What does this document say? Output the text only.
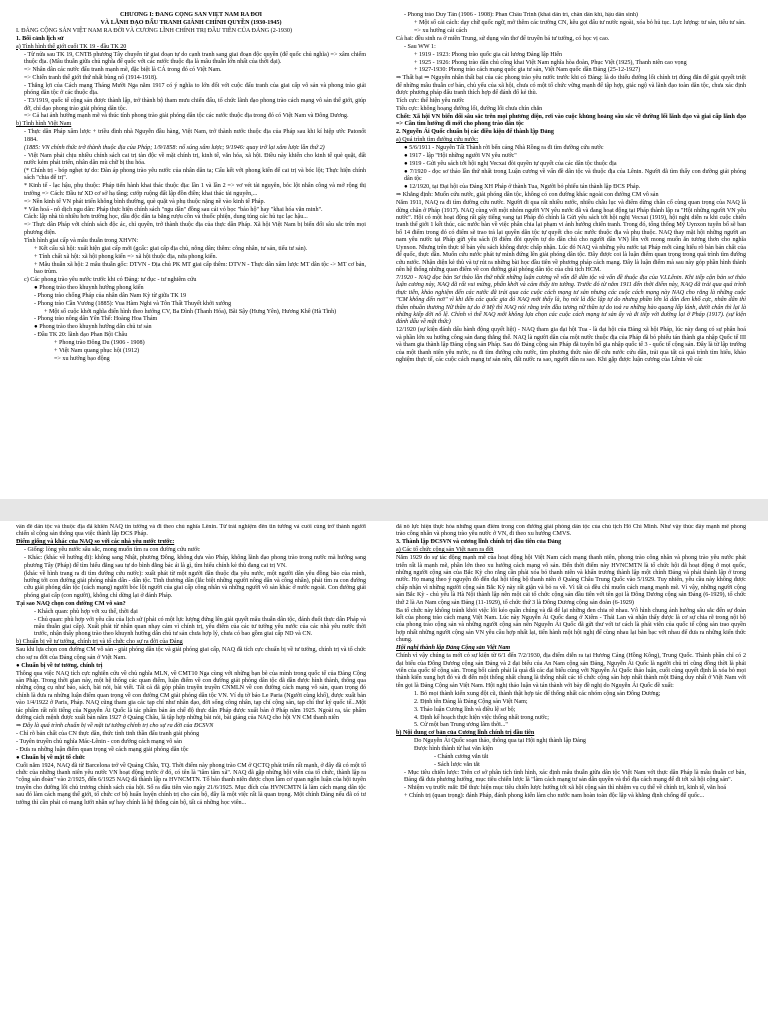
CHƯƠNG I: ĐẢNG CỘNG SẢN VIỆT NAM RA ĐỜI

VÀ LÃNH ĐẠO ĐẤU TRANH GIÀNH CHÍNH QUYỀN (1930-1945)

I. ĐẢNG CỘNG SẢN VIỆT NAM RA ĐỜI VÀ CƯƠNG LĨNH CHÍNH TRỊ ĐẦU TIÊN CỦA ĐẢNG (2-1930)

1. Bối cảnh lịch sử

a) Tình hình thế giới cuối TK 19 - đầu TK 20

- Từ nửa sau TK 19, CNTB phương Tây chuyển từ giai đoạn tự do cạnh tranh sang giai đoạn độc quyền (để quốc chủ nghĩa) => xâm chiếm thuộc địa. (Mâu thuẫn giữa chủ nghĩa đế quốc với các nước thuộc địa là mâu thuẫn lớn nhất của thời đại).

=> Nhân dân các nước đấu tranh mạnh mẽ, đặc biệt là CÁ trong đó có Việt Nam.

=> Chiến tranh thế giới thứ nhất bùng nổ (1914-1918).

- Thắng lợi của Cách mạng Tháng Mười Nga năm 1917 có ý nghĩa to lớn đối với cuộc đấu tranh của giai cấp vô sản và phong trào giải phóng dân tộc ở các thuộc địa.

- T3/1919, quốc tế cộng sản được thành lập, trở thành bộ tham mưu chiến đấu, tổ chức lãnh đạo phong trào cách mạng vô sản thế giới, giúp đỡ, chỉ đạo phong trào giải phóng dân tộc.

=> Cả hai ảnh hưởng mạnh mẽ và thúc tính phong trào giải phóng dân tộc các nước thuộc địa trong đó có Việt Nam và Đông Dương.

b) Tình hình Việt Nam

- Thực dân Pháp xâm lược + triều đình nhà Nguyễn đầu hàng, Việt Nam, trở thành nước thuộc địa của Pháp sau khi kí hiệp ước Patonốt 1884.

(1885: VN chính thức trở thành thuộc địa của Pháp; 1/9/1858: nổ súng xâm lược; 9/1946: quay trở lại xâm lược lần thứ 2)

- Việt Nam phải chịu nhiều chính sách cai trị tàn độc về mặt chính trị, kinh tế, văn hóa, xã hội. Điều này khiến cho kinh tế què quặt, đất nước kém phát triển, nhân dân mù chữ bị thu hóa.

(* Chính trị - bóp nghẹt tự do: Đàn áp phong trào yêu nước của nhân dân ta; Cấu kết với phong kiến để cai trị và bóc lột; Thực hiện chính sách "chia để trị".

* Kinh tế - lạc hậu, phụ thuộc: Pháp tiến hành khai thác thuộc địa: lần 1 và lần 2 => vơ vét tài nguyên, bóc lột nhân công và mở rộng thị trường => Cách: Đầu tư XD cơ sở hạ tầng; cướp ruộng đất lập đồn điền; khai thác tài nguyên,...

=> Nền kinh tế VN phát triển không bình thường, què quặt và phụ thuộc nặng nề vào kinh tế Pháp.

* Văn hoá - nô dịch ngu dân: Pháp thực hiện chính sách "ngu dân" đồng sau cái vỏ bọc "bảo hộ" hay "khai hóa văn minh".

Cách: lập nhà tù nhiều hơn trường học, dầu độc dân ta bằng rượu cồn và thuốc phiện, dung túng các hủ tục lạc hậu...

=> Thực dân Pháp với chính sách độc ác, chỉ quyền, trở thành thuộc địa của thực dân Pháp. Xã hội Việt Nam bị biến đổi sâu sắc trên mọi phương diện.

Tình hình giai cấp và mâu thuẫn trong XHVN:

+ Kết cấu xã hội: xuất hiện giai cấp mới (gcấc: giai cấp địa chủ, nông dân; thêm: công nhân, tư sản, tiểu tư sản).

+ Tính chất xã hội: xã hội phong kiến => xã hội thuộc địa, nửa phong kiến.

+ Mâu thuẫn xã hội: 2 mâu thuẫn gốc: DTVN - Địa chủ PK MT giai cấp thêm: DTVN - Thực dân xâm lược MT dân tộc -> MT cơ bản, bao trùm.

c) Các phong trào yêu nước trước khi có Đảng: tư đục - tư nghiêm cứu

● Phong trào theo khuynh hướng phong kiến

- Phong trào chống Pháp của nhân dân Nam Kỳ từ giữa TK 19

- Phong trào Cần Vương (1885): Vua Hàm Nghi và Tôn Thất Thuyết khởi xướng

+ Một số cuộc khởi nghĩa điển hình theo hướng CV, Ba Đình (Thanh Hóa), Bãi Sậy (Hưng Yên), Hương Khê (Hà Tĩnh)

- Phong trào nông dân Yên Thế: Hoàng Hoa Thám

● Phong trào theo khuynh hướng dân chủ tư sản

- Đầu TK 20: lãnh đạo Phan Bội Châu

+ Phong trào Đông Du (1906 - 1908)

+ Việt Nam quang phục hội (1912)

=> xu hướng bạo động

- Phong trào Duy Tân (1906 - 1908): Phan Châu Trinh (khai dân trí, chấn dân khí, hậu dân sinh)

+ Một số cải cách: dạy chữ quốc ngữ, mở thêm các trường CN, kêu gọi đấu tư nước ngoài, xóa bỏ hủ tục. Lực lượng: tư sản, tiểu tư sản.

=> xu hướng cải cách

Cả hai: đều sinh ra ở miền Trung, sử dụng văn thơ để truyền bá tư tưởng, có học vị cao.

- Sau WW 1:

+ 1919 - 1923: Phong trào quốc gia cải lương Đảng lập Hiến

+ 1925 - 1926: Phong trào dân chủ công khai Việt Nam nghĩa hòa đoàn, Phục Việt (1925), Thanh niên cao vọng

+ 1927-1930: Phong trào cách mạng quốc gia tư sản, Việt Nam quốc dân Đảng (25-12-1927)

⇒ Thất bại ⇒ Nguyên nhân thất bại của các phong trào yêu nước trước khi có Đảng: là do thiếu đường lối chính trị đúng đắn để giải quyết triệt để những mâu thuẫn cơ bản, chủ yếu của xã hội, chưa có một tổ chức vững mạnh để tập hợp, giác ngộ và lãnh đạo toàn dân tộc, chưa xác định được phương pháp đấu tranh thích hợp để đánh đổ kẻ thù.

Tích cực: thể hiện yêu nước

Tiêu cực: không hoạng đường lối, đường lối chưa chín chắn

Chốt: Xã hội VN biến đổi sâu sắc trên mọi phương diện, rơi vào cuộc khủng hoảng sâu sắc về đường lối lãnh đạo và giai cấp lãnh đạo => Cần tìm hướng đi mới cho phong trào dân tộc

2. Nguyễn Ái Quốc chuẩn bị các điều kiện để thành lập Đảng

a) Quá trình tìm đường cứu nước:

● 5/6/1911 - Nguyễn Tất Thành rời bến cảng Nhà Rồng ra đi tìm đường cứu nước

● 1917 - lập "Hội những người VN yêu nước"

● 1919 - Gửi yêu sách tới hội nghị Vecxai đòi quyền tự quyết của các dân tộc thuộc địa

● 7/1920 - đọc sơ thảo lần thứ nhất trong Luận cương về vấn đề dân tộc và thuộc địa của Lênin. Người đã tìm thấy con đường giải phóng dân tộc

● 12/1920, tại Đại hội của Đảng XH Pháp ở thành Tua, Người bỏ phiếu tán thành lập ĐCS Pháp.

⇒ Khẳng định: Muốn cứu nước, giải phóng dân tộc, không có con đường khác ngoài con đường CM vô sản

Năm 1911, NAQ ra đi tìm đường cứu nước. Người đi qua rất nhiều nước, nhiều châu lục và điểm dừng chân cố cùng quan trọng của NAQ là dừng chân ở Pháp (1917). NAQ cùng với một nhóm người VN yêu nước đã và đang hoạt động tại Pháp thành lập ra "Hội những người VN yêu nước". Hội có một hoạt động rất gây tiếng vang tại Pháp đó chính là Gửi yêu sách tới hội nghị Vecxai (1919), hội nghị diễn ra khi cuộc chiến tranh thế giới 1 kết thúc, các nước bàn về việc phân chia lại phạm vi ảnh hưởng chiến tranh. Trong đó, tổng thống Mỹ Uynxon tuyên bố sẽ ban bố 14 điểm trong đó có điểm sẽ trao trả lại quyền dân tộc tự quyết cho các nước thuộc địa và phụ thuộc. NAQ thay mặt hội những người an nam yêu nước tại Pháp gửi yêu sách (8 điểm đòi quyền tự do dân chủ cho người dân VN) lên với mong muốn ăn tương thơn cho nghĩa Uynxon. Nhưng trên thực tế bản yêu sách không được chấp nhận. Lúc đó NAQ và những yêu nước tại Pháp mới càng hiểu rõ bản bản chất của đế quốc, thực dân. Muốn cứu nước phát tự mình đứng lên giải phóng dân tộc. Đây được coi là luận điểm quan trọng trong quá trình tìm đường cứu nước. Nhận diện kẻ thù và tự rút ra những bài học đầu tiên về phương pháp cách mạng. Đây là luận điểm mà sau này góp phần hình thành nên hệ thống những quan điểm về con đường giải phóng dân tộc của chủ tịch HCM.

7/1920 - NAQ đọc bản Sơ thảo lần thứ nhất những luận cương về vấn đề dân tộc và vấn đề thuộc địa của V.I.Lênin. Khi tiếp cận bản sơ thảo luận cương này, NAQ đã rất vui mừng, phấn khởi và cảm thấy tin tưởng. Trước đó từ năm 1911 đến thời điểm này, NAQ đã trải qua quá trình thực tiễn, khảo nghiệm đến các nước đã trải qua các cuộc cách mạng tư sản nhưng các cuộc cách mạng này NAQ cho rằng là những cuộc "CM không đến nơi" vì khi đến các quốc gia đó NAQ mới thấy là, họ nói là độc lập tự do nhưng phần lớn là dân đen khổ cực, nhân dân thì thấm nhuần thương Nữ thần tự do ở Mỹ thì NAQ nói rằng trên đầu tương nữ thần tự do toả ra những hào quang lấp lánh, dưới chân thì lại là những kiếp đời nô lệ. Chính vì thế NAQ mới không lựa chọn các cuộc cách mạng tư sản ấy và đi tiếp với đường lại ở Pháp (1917). (sự kiện đánh dấu về mặt thức)

12/1920 (sự kiện đánh dấu hành động quyết liệt) - NAQ tham gia đại hội Tua - là đại hội của Đảng xã hội Pháp, lúc này đang có sự phân hoá và phần lớn xu hướng công sản đang thắng thế. NAQ là người dân của một nước thuộc địa của Pháp đã bỏ phiếu tán thành gia nhập Quốc tế III và tham gia thành lập Đảng cộng sản Pháp. Sau đó Đảng cộng sản Pháp đã tuyên bố gia nhập quốc tế 3 - quốc tế cộng sản. Đây là từ lập trường của một thanh niên yêu nước, ra đi tìm đường cứu nước, tìm phương thức nào để cứu nước cứu dân, trải qua tất cả quá trình tìm hiểu, khảo nghiệm thực tế, các cuộc cách mạng tư sản nên, đất nước ra sao, người dân ra sao. Khi gặp được luận cương của Lênin về các

vấn đề dân tộc và thuộc địa đã khiến NAQ tin tưởng và đi theo chủ nghĩa Lênin. Từ trải nghiệm đến tin tưởng và cuối cùng trở thành người chiến sĩ cộng sản thông qua việc thành lập ĐCS Pháp.

Điểm giống và khác của NAQ so với các nhà yêu nước trước:

- Giống: lòng yêu nước sâu sắc, mong muốn tìm ra con đường cứu nước

- Khác: (khác về hướng đi): không sang Nhật, phương Đông, không dựa vào Pháp, không lãnh đạo phong trào trong nước mà hướng sang phương Tây (Pháp) để tìm hiểu đằng sau tự do bình đẳng bác ái là gì, tìm hiểu chính kẻ thù đang cai trị VN.

(khác về hình trang ra đi tìm đường cứu nước): xuất phát từ một người dân thuộc địa yêu nước, một người dân yêu đồng bào của mình, hướng tới con đường giải phóng nhân dân - dân tộc. Tinh thương dân (lắc biệt những người nông dân và công nhân), phải tìm ra con đường cứu giải phóng dân tộc (cách mạng) người bóc lột người của giai cấp công nhân và những người vô sản khác ở nước ngoài. Con đường giải phóng giai cấp (con người), không chỉ dừng lại ở đánh Pháp.

Tại sao NAQ chọn con đường CM vô sản?

- Khách quan: phù hợp với xu thế, thời đại

- Chủ quan: phù hợp với yêu cầu của lịch sử (phải có một lực lượng đứng lên giải quyết mâu thuẫn dân tộc, đánh đuổi thực dân Pháp và mâu thuẫn giai cấp). Xuất phát từ nhân quan nhạy cảm vì chính trị, yêu điểm của các tư tưởng yêu nước của các nhà yêu nước thời trước, nhận thấy phong trào theo khuynh hướng dân chủ tư sản chưa hợp lý, chưa có bao gồm giai cấp ND và CN.

b) Chuẩn bị về tư tưởng, chính trị và tổ chức cho sự ra đời của Đảng

Sau khi lựa chọn con đường CM vô sản - giải phóng dân tộc và giải phóng giai cấp, NAQ đã tích cực chuẩn bị về tư tưởng, chính trị và tổ chức cho sự ra đời của Đảng cộng sản ở Việt Nam.

● Chuẩn bị về tư tưởng, chính trị

Thông qua việc NAQ tích cực nghiên cứu về chủ nghĩa MLN, về CMT10 Nga cùng với những bạn bè của mình trong quốc tế của Đảng Cộng sản Pháp. Trong thời gian này, một hệ thống các quan điểm, luận điểm về con đường giải phóng dân tộc đã dần được hình thành, thông qua những cộng cụ như báo, sách, bài nói, bài viết. Tất cả đã góp phần truyền truyền CNMLN về con đường cách mạng vô sản, quan trọng đó chính là đưa ra những luận điểm quan trọng về con đường CM giải phóng dân tộc VN. Ví dụ tờ báo Le Paria (Người cùng khổ), được xuất bản vào 1/4/1922 ở Paris, Pháp. NAQ cũng tham gia các tạp chí như nhân đạo, đời sống công nhân, tạp chí cộng sản, tạp chí thư ký quốc tế...Một tác phẩm rất nổi tiếng của Nguyễn Ái Quốc là tác phẩm bản án chế độ thực dân Pháp được xuất bản ở Pháp năm 1925. Ngoài ra, tác phẩm đường cách mệnh được xuất bản năm 1927 ở Quảng Châu, là tập hợp những bài nói, bài giảng của NAQ cho hội VN CM thanh niên

⇒ Đây là quá trình chuẩn bị về mặt tư tưởng chính trị cho sự ra đời của ĐCSVN

- Chỉ rõ bản chất của CN thực dân, thức tỉnh tinh thần đấu tranh giải phóng

- Tuyên truyền chủ nghĩa Mác-Lênin - con đường cách mạng vô sản

- Đưa ra những luận điểm quan trọng về cách mạng giải phóng dân tộc

● Chuẩn bị về mặt tổ chức

Cuối năm 1924, NAQ đã từ Barcelona trở về Quảng Châu, TQ. Thời điểm này phong trào CM ở QCTQ phát triển rất mạnh, ở đây đã có một tổ chức của những thanh niên yêu nước VN hoạt động trước ở đó, có tên là "tâm tâm xã". NAQ đã gặp những hội viên của tổ chức, thành lập ra "cộng sản đoàn" vào 2/1925, đến 6/1925 NAQ đã thành lập ra HVNCMTN. Tổ bảo thanh niên được chọn làm cơ quan ngôn luận của hội tuyên truyền cho đường lối chủ trương chính sách của hội. Số ra đầu tiên vào ngày 21/6/1925. Mục đích của HVNCMTN là làm cách mạng dân tộc sau đó làm cách mạng thế giới, tổ chức cơ bộ huấn luyện chính trị cho cán bộ, đây là một việc rất là quan trọng. Một chính Đảng nếu đã có tư tưởng thì cần phải có mạng lưới nhân sự hay chính là hệ thống cán bộ, tất cả những học viên...

đã nổ lực hiện thực hóa những quan điểm trong con đường giải phóng dân tộc của chủ tịch Hồ Chí Minh. Như vậy thúc đẩy mạnh mẽ phong trào công nhân và phong trào yêu nước ở VN, đi theo xu hướng CMVS.

3. Thành lập ĐCSVN và cương lĩnh chính trị đầu tiên của Đảng

a) Các tổ chức cộng sản Việt nam ra đời

Năm 1929 do sự tác động mạnh mẽ của hoạt động hội Việt Nam cách mạng thanh niên, phong trào công nhân và phong trào yêu nước phát triển rất là mạnh mẽ, phần lớn theo xu hướng cách mạng vô sản. Đến thời điểm này HVNCMTN là tổ chức hội đã hoạt động ở mọi quốc, những người cộng sản của Bắc Kỳ cho rằng cần phải xóa bỏ thanh niên và khẩn trương thành lập một chính Đảng và phải thành lập ở trong nước. Họ mang theo ý nguyện đó đến đại hội tổng bộ thanh niên ở Quảng Châu Trung Quốc vào 5/1929. Tuy nhiên, yêu cầu này không được chấp nhận vì những người cộng sản Bắc Kỳ này rất giận và bỏ ra về. Vì tất cả đều chỉ muốn cách mạng mạnh mẽ. Vì vậy, những người cộng sản Bắc Kỳ - chủ yếu là Hà Nội thành lập nên một cái tổ chức cộng sản đầu tiên với tên gọi là Đông Dương cộng sản Đảng (6-1929), tổ chức thứ 2 là An Nam cộng sản Đảng (11-1929), tổ chức thứ 3 là Đông Dương cộng sản đoàn (6-1929)

Ba tổ chức này không tránh khỏi việc lôi kéo quần chúng và đã để lại những đen chia rẽ nhau. Vô hình chung ảnh hưởng sâu sắc đến sự đoàn kết của phong trào cách mạng Việt Nam. Lúc này Nguyễn Ái Quốc đang ở Xiêm - Thái Lan và nhận thấy được là cơ sự chia rẽ trong nội bộ của phong trào cộng sản và những người cộng sản nên Nguyễn Ái Quốc đã gửi thư với tư cách là phái viên của quốc tế cộng sản trao quyền hợp nhất những người cộng sản VN yêu cầu hợp nhất lại, tiến hành một hội nghị để cùng nhau lại bàn bạc với nhau để đưa ra những kiến thức chung.

Hội nghị thành lập Đảng Cộng sản Việt Nam

Chính vì vậy chúng ta mới có sự kiện từ 6/1 đến 7/2/1930, địa điểm diễn ra tại Hương Cảng (Hồng Kông), Trung Quốc. Thành phần chỉ có 2 đại biểu của Đông Dương cộng sản Đảng và 2 đại biểu của An Nam cộng sản Đảng, Nguyễn Ái Quốc là người chủ trì cũng đồng thời là phái viên của quốc tế cộng sản. Trong bối cảnh phải là quả đã các đại biểu cùng với Nguyễn Ái Quốc thảo luận, cuối cùng quyết định là xóa bỏ mọi thành kiến xung hợt đó và đi đến một thống nhất chung là thống nhất các tổ chức cộng sản hợp nhất thành một Đảng duy nhất ở Việt Nam với tên gọi là Đảng Cộng sản Việt Nam. Hội nghị thảo luận và tán thành với bảy đề nghị do Nguyễn Ái Quốc đề xuất:

1. Bỏ mọi thành kiến xung đột cũ, thành thật hợp tác để thống nhất các nhóm cộng sản Đông Dương;

2. Định tên Đảng là Đảng Cộng sản Việt Nam;

3. Thảo luận Cương lĩnh và điều lệ sơ bộ;

4. Định kế hoạch thực hiện việc thống nhất trong nước;

5. Cử một ban Trung ương lâm thời..."

b) Nội dung cơ bản của Cương lĩnh chính trị đầu tiên

Do Nguyễn Ái Quốc soạn thảo, thông qua tại Hội nghị thành lập Đảng

Được hình thành từ hai văn kiện

- Chánh cương vắn tắt

- Sách lược vắn tắt

- Mục tiêu chiến lược: Trên cơ sở phân tích tình hình, xác định mâu thuẫn giữa dân tộc Việt Nam với thực dân Pháp là mâu thuẫn cơ bản, Đảng đã đưa phương hướng, mục tiêu chiến lược là "làm cách mạng tư sản dân quyền và thổ địa cách mạng để đi tới xã hội cộng sản".

- Nhiệm vụ trước mắt: Để thực hiện mục tiêu chiến lược hướng tới xã hội cộng sản thì nhiệm vụ cụ thể về chính trị, kinh tế, văn hoá

+ Chính trị (quan trọng): đánh Pháp, đánh phong kiến làm cho nước nam hoàn toàn độc lập và khẳng định chống đế quốc...
